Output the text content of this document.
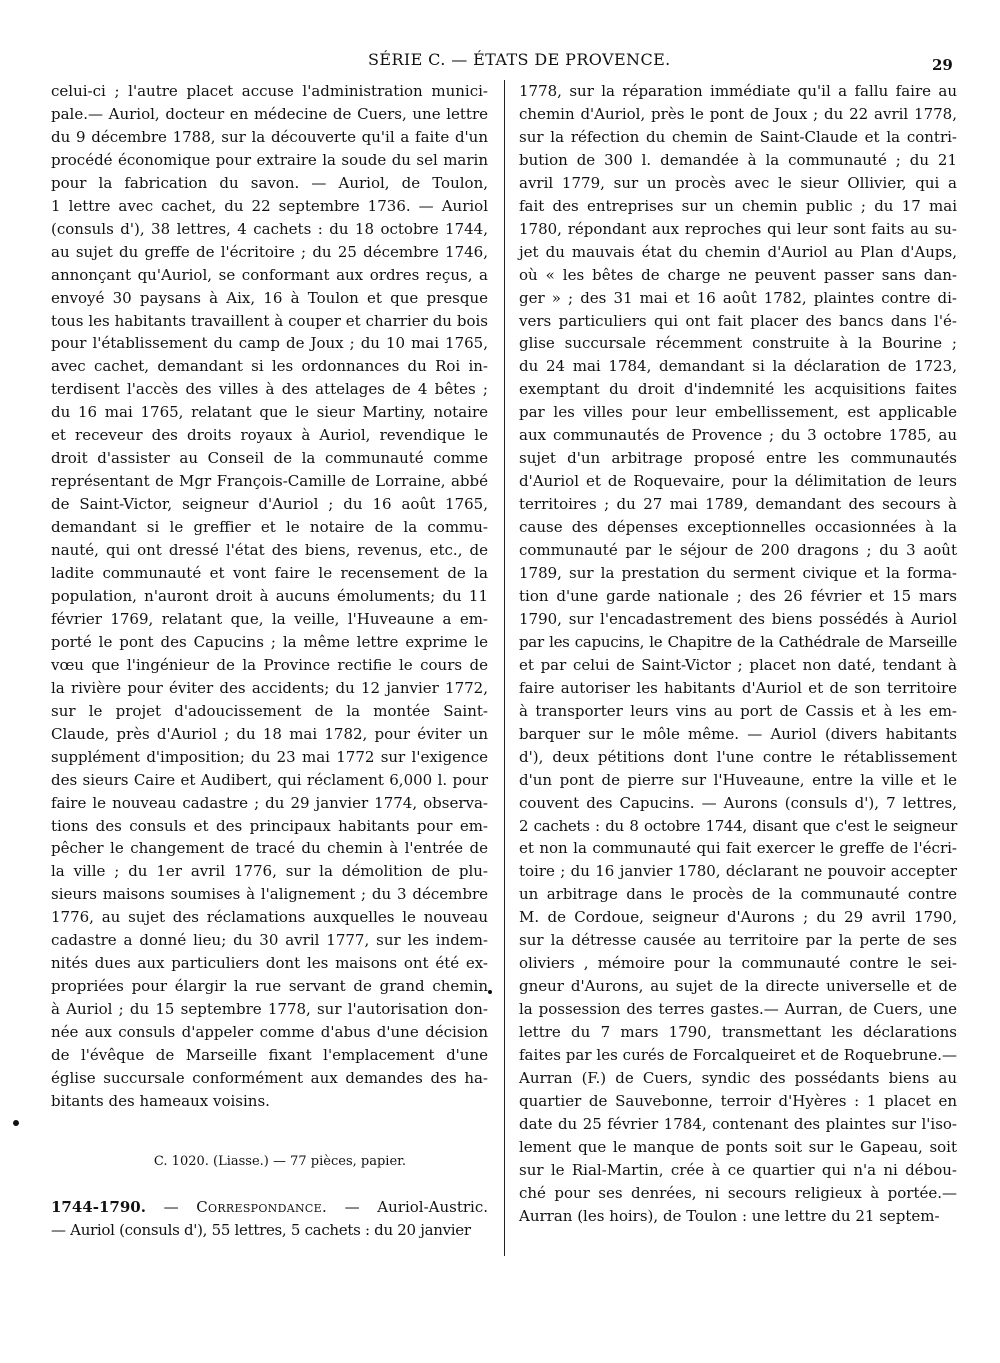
SÉRIE C. — ÉTATS DE PROVENCE.	29
celui-ci ; l'autre placet accuse l'administration munici-
pale.— Auriol, docteur en médecine de Cuers, une lettre
du 9 décembre 1788, sur la découverte qu'il a faite d'un
procédé économique pour extraire la soude du sel marin
pour la fabrication du savon. — Auriol, de Toulon,
1 lettre avec cachet, du 22 septembre 1736. — Auriol
(consuls d'), 38 lettres, 4 cachets : du 18 octobre 1744,
au sujet du greffe de l'écritoire ; du 25 décembre 1746,
annonçant qu'Auriol, se conformant aux ordres reçus, a
envoyé 30 paysans à Aix, 16 à Toulon et que presque
tous les habitants travaillent à couper et charrier du bois
pour l'établissement du camp de Joux ; du 10 mai 1765,
avec cachet, demandant si les ordonnances du Roi in-
terdisent l'accès des villes à des attelages de 4 bêtes ;
du 16 mai 1765, relatant que le sieur Martiny, notaire
et receveur des droits royaux à Auriol, revendique le
droit d'assister au Conseil de la communauté comme
représentant de Mgr François-Camille de Lorraine, abbé
de Saint-Victor, seigneur d'Auriol ; du 16 août 1765,
demandant si le greffier et le notaire de la commu-
nauté, qui ont dressé l'état des biens, revenus, etc., de
ladite communauté et vont faire le recensement de la
population, n'auront droit à aucuns émoluments; du 11
février 1769, relatant que, la veille, l'Huveaune a em-
porté le pont des Capucins ; la même lettre exprime le
vœu que l'ingénieur de la Province rectifie le cours de
la rivière pour éviter des accidents; du 12 janvier 1772,
sur le projet d'adoucissement de la montée Saint-
Claude, près d'Auriol ; du 18 mai 1782, pour éviter un
supplément d'imposition; du 23 mai 1772 sur l'exigence
des sieurs Caire et Audibert, qui réclament 6,000 l. pour
faire le nouveau cadastre ; du 29 janvier 1774, observa-
tions des consuls et des principaux habitants pour em-
pêcher le changement de tracé du chemin à l'entrée de
la ville ; du 1er avril 1776, sur la démolition de plu-
sieurs maisons soumises à l'alignement ; du 3 décembre
1776, au sujet des réclamations auxquelles le nouveau
cadastre a donné lieu; du 30 avril 1777, sur les indem-
nités dues aux particuliers dont les maisons ont été ex-
propriées pour élargir la rue servant de grand chemin
à Auriol ; du 15 septembre 1778, sur l'autorisation don-
née aux consuls d'appeler comme d'abus d'une décision
de l'évêque de Marseille fixant l'emplacement d'une
église succursale conformément aux demandes des ha-
bitants des hameaux voisins.
1778, sur la réparation immédiate qu'il a fallu faire au
chemin d'Auriol, près le pont de Joux ; du 22 avril 1778,
sur la réfection du chemin de Saint-Claude et la contri-
bution de 300 l. demandée à la communauté ; du 21
avril 1779, sur un procès avec le sieur Ollivier, qui a
fait des entreprises sur un chemin public ; du 17 mai
1780, répondant aux reproches qui leur sont faits au su-
jet du mauvais état du chemin d'Auriol au Plan d'Aups,
où « les bêtes de charge ne peuvent passer sans dan-
ger » ; des 31 mai et 16 août 1782, plaintes contre di-
vers particuliers qui ont fait placer des bancs dans l'é-
glise succursale récemment construite à la Bourine ;
du 24 mai 1784, demandant si la déclaration de 1723,
exemptant du droit d'indemnité les acquisitions faites
par les villes pour leur embellissement, est applicable
aux communautés de Provence ; du 3 octobre 1785, au
sujet d'un arbitrage proposé entre les communautés
d'Auriol et de Roquevaire, pour la délimitation de leurs
territoires ; du 27 mai 1789, demandant des secours à
cause des dépenses exceptionnelles occasionnées à la
communauté par le séjour de 200 dragons ; du 3 août
1789, sur la prestation du serment civique et la forma-
tion d'une garde nationale ; des 26 février et 15 mars
1790, sur l'encadastrement des biens possédés à Auriol
par les capucins, le Chapitre de la Cathédrale de Marseille
et par celui de Saint-Victor ; placet non daté, tendant à
faire autoriser les habitants d'Auriol et de son territoire
à transporter leurs vins au port de Cassis et à les em-
barquer sur le môle même. — Auriol (divers habitants
d'), deux pétitions dont l'une contre le rétablissement
d'un pont de pierre sur l'Huveaune, entre la ville et le
couvent des Capucins. — Aurons (consuls d'), 7 lettres,
2 cachets : du 8 octobre 1744, disant que c'est le seigneur
et non la communauté qui fait exercer le greffe de l'écri-
toire ; du 16 janvier 1780, déclarant ne pouvoir accepter
un arbitrage dans le procès de la communauté contre
M. de Cordoue, seigneur d'Aurons ; du 29 avril 1790,
sur la détresse causée au territoire par la perte de ses
oliviers , mémoire pour la communauté contre le sei-
gneur d'Aurons, au sujet de la directe universelle et de
la possession des terres gastes.— Aurran, de Cuers, une
lettre du 7 mars 1790, transmettant les déclarations
faites par les curés de Forcalqueiret et de Roquebrune.—
Aurran (F.) de Cuers, syndic des possédants biens au
quartier de Sauvebonne, terroir d'Hyères : 1 placet en
date du 25 février 1784, contenant des plaintes sur l'iso-
lement que le manque de ponts soit sur le Gapeau, soit
sur le Rial-Martin, crée à ce quartier qui n'a ni débou-
ché pour ses denrées, ni secours religieux à portée.—
Aurran (les hoirs), de Toulon : une lettre du 21 septem-
C. 1020. (Liasse.) — 77 pièces, papier.
1744-1790. — Correspondance. — Auriol-Austric.
— Auriol (consuls d'), 55 lettres, 5 cachets : du 20 janvier
